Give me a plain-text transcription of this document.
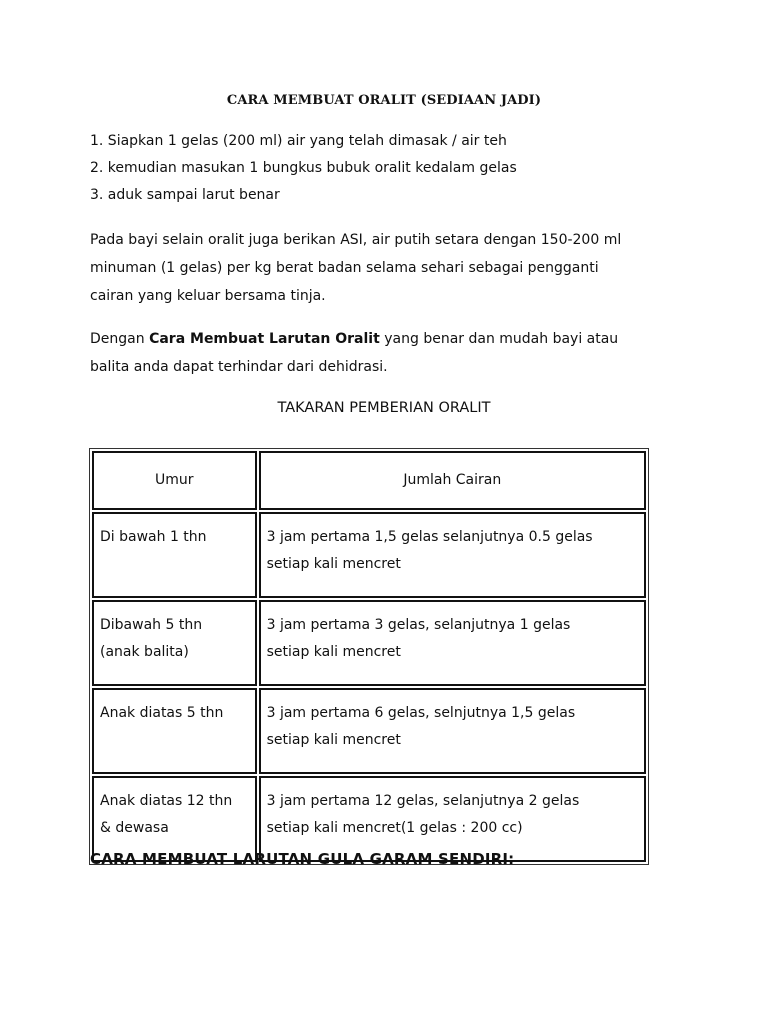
CARA MEMBUAT ORALIT (SEDIAAN JADI)
1. Siapkan 1 gelas (200 ml) air yang telah dimasak / air teh
2. kemudian masukan 1 bungkus bubuk oralit kedalam gelas
3. aduk sampai larut benar

Pada bayi selain oralit juga berikan ASI, air putih setara dengan 150-200 ml
minuman (1 gelas) per kg berat badan selama sehari sebagai pengganti
cairan yang keluar bersama tinja.

Dengan Cara Membuat Larutan Oralit yang benar dan mudah bayi atau
balita anda dapat terhindar dari dehidrasi.

TAKARAN PEMBERIAN ORALIT
Umur	Jumlah Cairan
Di bawah 1 thn	3 jam pertama 1,5 gelas selanjutnya 0.5 gelas
setiap kali mencret
Dibawah 5 thn
(anak balita)	3 jam pertama 3 gelas, selanjutnya 1 gelas
setiap kali mencret
Anak diatas 5 thn	3 jam pertama 6 gelas, selnjutnya 1,5 gelas
setiap kali mencret
Anak diatas 12 thn
& dewasa	3 jam pertama 12 gelas, selanjutnya 2 gelas
setiap kali mencret(1 gelas : 200 cc)
CARA MEMBUAT LARUTAN GULA GARAM SENDIRI:
